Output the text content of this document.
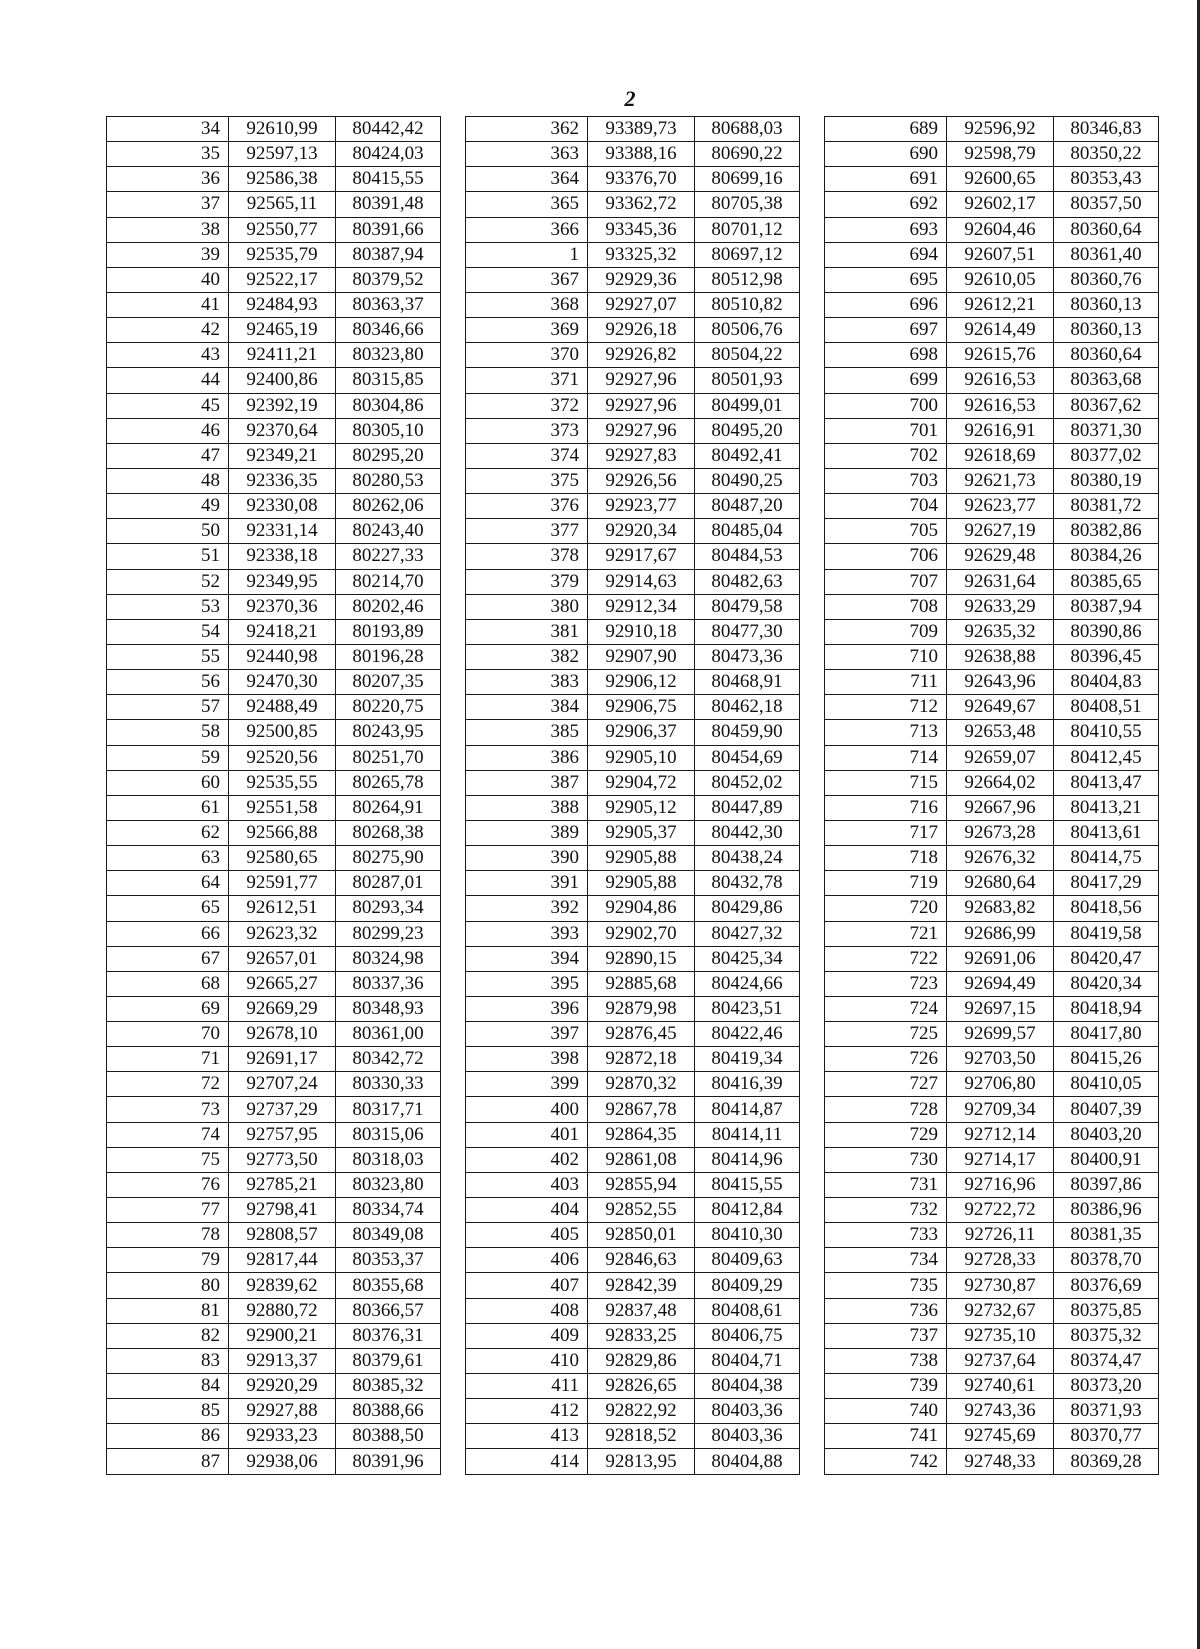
2
34	92610,99	80442,42
35	92597,13	80424,03
36	92586,38	80415,55
37	92565,11	80391,48
38	92550,77	80391,66
39	92535,79	80387,94
40	92522,17	80379,52
41	92484,93	80363,37
42	92465,19	80346,66
43	92411,21	80323,80
44	92400,86	80315,85
45	92392,19	80304,86
46	92370,64	80305,10
47	92349,21	80295,20
48	92336,35	80280,53
49	92330,08	80262,06
50	92331,14	80243,40
51	92338,18	80227,33
52	92349,95	80214,70
53	92370,36	80202,46
54	92418,21	80193,89
55	92440,98	80196,28
56	92470,30	80207,35
57	92488,49	80220,75
58	92500,85	80243,95
59	92520,56	80251,70
60	92535,55	80265,78
61	92551,58	80264,91
62	92566,88	80268,38
63	92580,65	80275,90
64	92591,77	80287,01
65	92612,51	80293,34
66	92623,32	80299,23
67	92657,01	80324,98
68	92665,27	80337,36
69	92669,29	80348,93
70	92678,10	80361,00
71	92691,17	80342,72
72	92707,24	80330,33
73	92737,29	80317,71
74	92757,95	80315,06
75	92773,50	80318,03
76	92785,21	80323,80
77	92798,41	80334,74
78	92808,57	80349,08
79	92817,44	80353,37
80	92839,62	80355,68
81	92880,72	80366,57
82	92900,21	80376,31
83	92913,37	80379,61
84	92920,29	80385,32
85	92927,88	80388,66
86	92933,23	80388,50
87	92938,06	80391,96
362	93389,73	80688,03
363	93388,16	80690,22
364	93376,70	80699,16
365	93362,72	80705,38
366	93345,36	80701,12
1	93325,32	80697,12
367	92929,36	80512,98
368	92927,07	80510,82
369	92926,18	80506,76
370	92926,82	80504,22
371	92927,96	80501,93
372	92927,96	80499,01
373	92927,96	80495,20
374	92927,83	80492,41
375	92926,56	80490,25
376	92923,77	80487,20
377	92920,34	80485,04
378	92917,67	80484,53
379	92914,63	80482,63
380	92912,34	80479,58
381	92910,18	80477,30
382	92907,90	80473,36
383	92906,12	80468,91
384	92906,75	80462,18
385	92906,37	80459,90
386	92905,10	80454,69
387	92904,72	80452,02
388	92905,12	80447,89
389	92905,37	80442,30
390	92905,88	80438,24
391	92905,88	80432,78
392	92904,86	80429,86
393	92902,70	80427,32
394	92890,15	80425,34
395	92885,68	80424,66
396	92879,98	80423,51
397	92876,45	80422,46
398	92872,18	80419,34
399	92870,32	80416,39
400	92867,78	80414,87
401	92864,35	80414,11
402	92861,08	80414,96
403	92855,94	80415,55
404	92852,55	80412,84
405	92850,01	80410,30
406	92846,63	80409,63
407	92842,39	80409,29
408	92837,48	80408,61
409	92833,25	80406,75
410	92829,86	80404,71
411	92826,65	80404,38
412	92822,92	80403,36
413	92818,52	80403,36
414	92813,95	80404,88
689	92596,92	80346,83
690	92598,79	80350,22
691	92600,65	80353,43
692	92602,17	80357,50
693	92604,46	80360,64
694	92607,51	80361,40
695	92610,05	80360,76
696	92612,21	80360,13
697	92614,49	80360,13
698	92615,76	80360,64
699	92616,53	80363,68
700	92616,53	80367,62
701	92616,91	80371,30
702	92618,69	80377,02
703	92621,73	80380,19
704	92623,77	80381,72
705	92627,19	80382,86
706	92629,48	80384,26
707	92631,64	80385,65
708	92633,29	80387,94
709	92635,32	80390,86
710	92638,88	80396,45
711	92643,96	80404,83
712	92649,67	80408,51
713	92653,48	80410,55
714	92659,07	80412,45
715	92664,02	80413,47
716	92667,96	80413,21
717	92673,28	80413,61
718	92676,32	80414,75
719	92680,64	80417,29
720	92683,82	80418,56
721	92686,99	80419,58
722	92691,06	80420,47
723	92694,49	80420,34
724	92697,15	80418,94
725	92699,57	80417,80
726	92703,50	80415,26
727	92706,80	80410,05
728	92709,34	80407,39
729	92712,14	80403,20
730	92714,17	80400,91
731	92716,96	80397,86
732	92722,72	80386,96
733	92726,11	80381,35
734	92728,33	80378,70
735	92730,87	80376,69
736	92732,67	80375,85
737	92735,10	80375,32
738	92737,64	80374,47
739	92740,61	80373,20
740	92743,36	80371,93
741	92745,69	80370,77
742	92748,33	80369,28
